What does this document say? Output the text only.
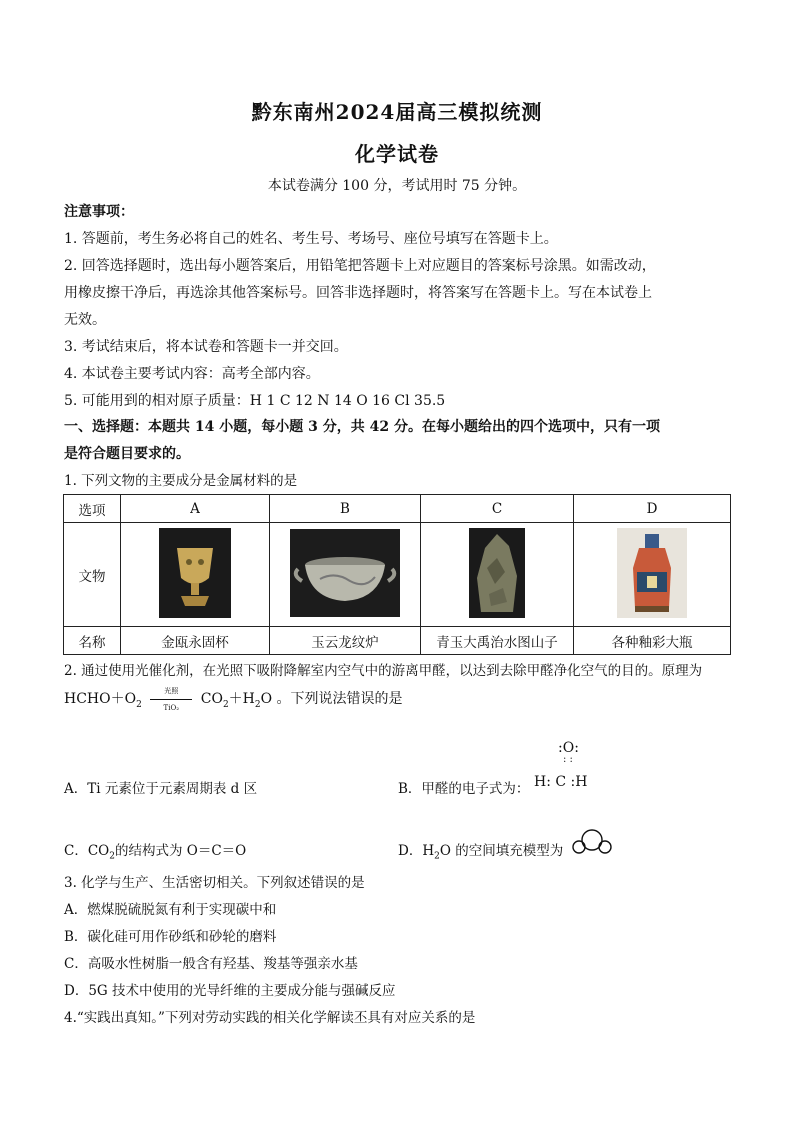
黔东南州2024届高三模拟统测
化学试卷
本试卷满分 100 分，考试用时 75 分钟。
注意事项：
1. 答题前，考生务必将自己的姓名、考生号、考场号、座位号填写在答题卡上。
2. 回答选择题时，选出每小题答案后，用铅笔把答题卡上对应题目的答案标号涂黑。如需改动，
用橡皮擦干净后，再选涂其他答案标号。回答非选择题时，将答案写在答题卡上。写在本试卷上
无效。
3. 考试结束后，将本试卷和答题卡一并交回。
4. 本试卷主要考试内容：高考全部内容。
5. 可能用到的相对原子质量：H 1 C 12 N 14 O 16 Cl 35.5
一、选择题：本题共 14 小题，每小题 3 分，共 42 分。在每小题给出的四个选项中，只有一项
是符合题目要求的。
1. 下列文物的主要成分是金属材料的是
选项	A	B	C	D
文物				
名称	金瓯永固杯	玉云龙纹炉	青玉大禹治水图山子	各种釉彩大瓶
2. 通过使用光催化剂，在光照下吸附降解室内空气中的游离甲醛，以达到去除甲醛净化空气的目的。原理为
$HCHO+O_2$
光照
TiO₂
$CO_2+H_2O$ 。下列说法错误的是
A．Ti 元素位于元素周期表 d 区	B．甲醛的电子式为：
:O:
: :
H: C :H
C．$CO_2$的结构式为 O＝C＝O	D．$H_2O$ 的空间填充模型为
3. 化学与生产、生活密切相关。下列叙述错误的是
A．燃煤脱硫脱氮有利于实现碳中和
B．碳化硅可用作砂纸和砂轮的磨料
C．高吸水性树脂一般含有羟基、羧基等强亲水基
D．5G 技术中使用的光导纤维的主要成分能与强碱反应
4.“实践出真知。”下列对劳动实践的相关化学解读丕具有对应关系的是
